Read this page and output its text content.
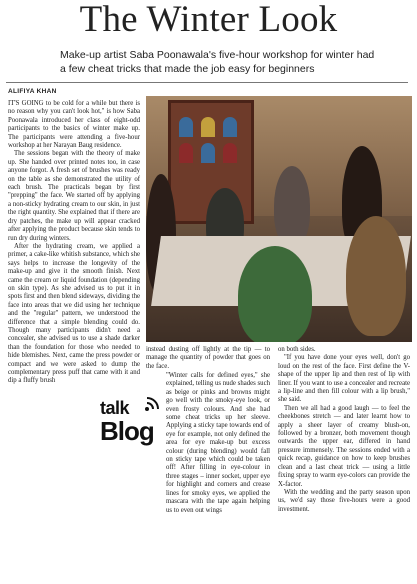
The Winter Look
Make-up artist Saba Poonawala's five-hour workshop for winter had a few cheat tricks that made the job easy for beginners
ALIFIYA KHAN

IT'S GOING to be cold for a while but there is no reason why you can't look hot," is how Saba Poonawala introduced her class of eight-odd participants to the basics of winter make up. The participants were attending a five-hour workshop at her Narayan Baug residence.

The sessions began with the theory of make up. She handed over printed notes too, in case anyone forgot. A fresh set of brushes was ready on the table as she demonstrated the utility of each brush. The practicals began by first "prepping" the face. We started off by applying a non-sticky hydrating cream to our skin, in just the right quantity. She explained that if there are dry patches, the make up will appear cracked after applying the product because skin tends to run dry during winters.

After the hydrating cream, we applied a primer, a cake-like whitish substance, which she says helps to increase the longevity of the make-up and give it the smooth finish. Next came the cream or liquid foundation (depending on skin type). As she advised us to put it in spots first and then blend sideways, dividing the face into areas that we did using her technique and the "regular" pattern, we understood the difference that a simple blending could do. Though many participants didn't need a concealer, she advised us to use a shade darker than the foundation for those who needed to hide blemishes. Next, came the press powder or compact and we were asked to dump the complementary press puff that came with it and dip a fluffy brush

instead dusting off lightly at the tip — to manage the quantity of powder that goes on the face.

talk
Blog

"Winter calls for defined eyes," she explained, telling us nude shades such as beige or pinks and browns might go well with the smoky-eye look, or even frosty colours. And she had some cheat tricks up her sleeve. Applying a sticky tape towards end of eye for example, not only defined the area for eye make-up but excess colour (during blending) would fall on sticky tape which could be taken off! After filling in eye-colour in three stages – inner socket, upper eye for highlight and corners and crease lines for smoky eyes, we applied the mascara with the tape again helping us to even out wings

on both sides.

"If you have done your eyes well, don't go loud on the rest of the face. First define the V-shape of the upper lip and then rest of lip with liner. If you want to use a concealer and recreate a lip-line and then fill colour with a lip brush," she said.

Then we all had a good laugh — to feel the cheekbones stretch — and later learnt how to apply a sheer layer of creamy blush-on, followed by a bronzer, both movement though outwards the upper ear, differed in hand pressure immensely. The sessions ended with a quick recap, guidance on how to keep brushes clean and a last cheat trick — using a little fixing spray to warm eye-colors can provide the X-factor.

With the wedding and the party season upon us, we'd say those five-hours were a good investment.
